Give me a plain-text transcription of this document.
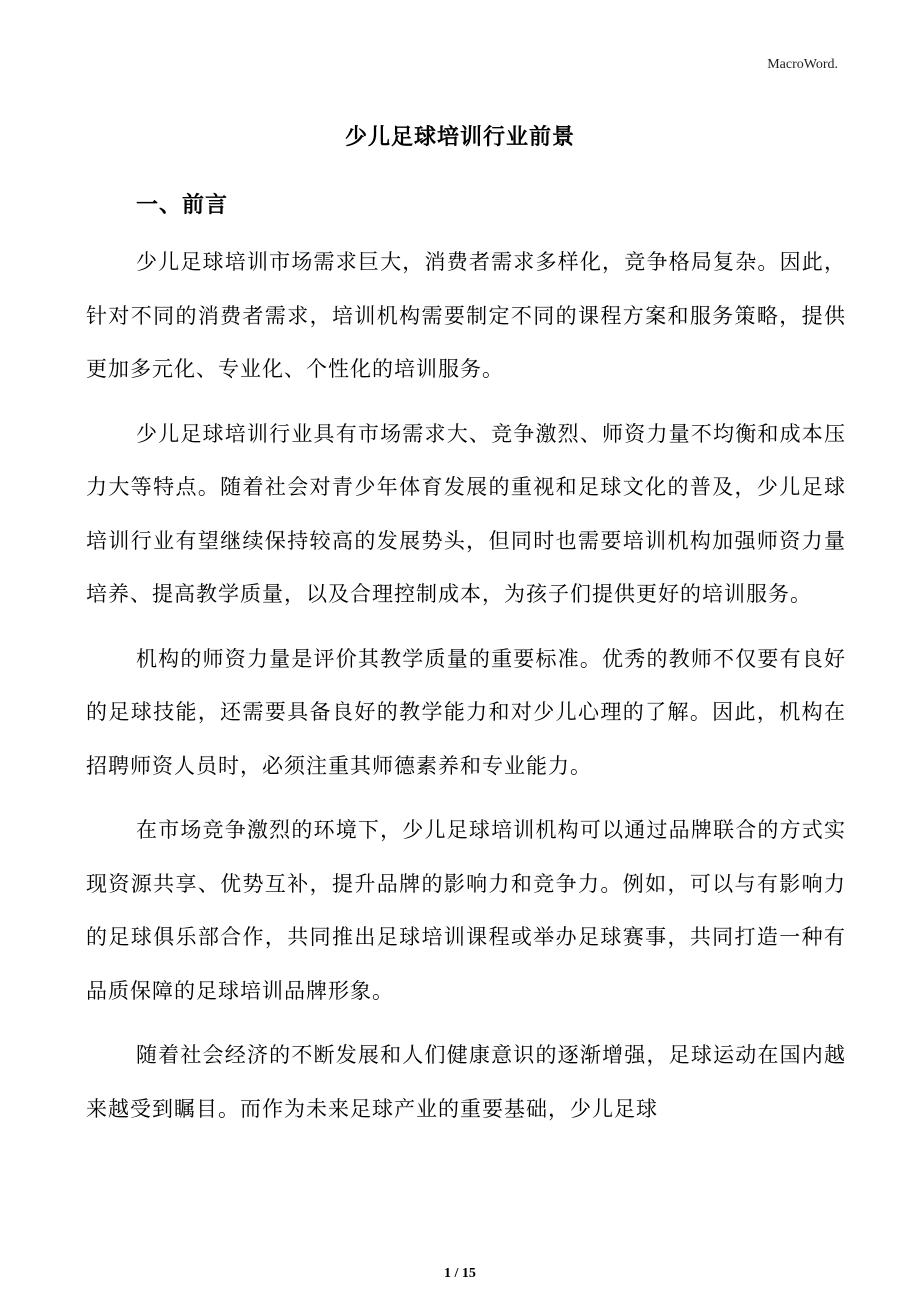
MacroWord.
少儿足球培训行业前景
一、前言

少儿足球培训市场需求巨大，消费者需求多样化，竞争格局复杂。因此，针对不同的消费者需求，培训机构需要制定不同的课程方案和服务策略，提供更加多元化、专业化、个性化的培训服务。

少儿足球培训行业具有市场需求大、竞争激烈、师资力量不均衡和成本压力大等特点。随着社会对青少年体育发展的重视和足球文化的普及，少儿足球培训行业有望继续保持较高的发展势头，但同时也需要培训机构加强师资力量培养、提高教学质量，以及合理控制成本，为孩子们提供更好的培训服务。

机构的师资力量是评价其教学质量的重要标准。优秀的教师不仅要有良好的足球技能，还需要具备良好的教学能力和对少儿心理的了解。因此，机构在招聘师资人员时，必须注重其师德素养和专业能力。

在市场竞争激烈的环境下，少儿足球培训机构可以通过品牌联合的方式实现资源共享、优势互补，提升品牌的影响力和竞争力。例如，可以与有影响力的足球俱乐部合作，共同推出足球培训课程或举办足球赛事，共同打造一种有品质保障的足球培训品牌形象。

随着社会经济的不断发展和人们健康意识的逐渐增强，足球运动在国内越来越受到瞩目。而作为未来足球产业的重要基础，少儿足球

1 / 15
